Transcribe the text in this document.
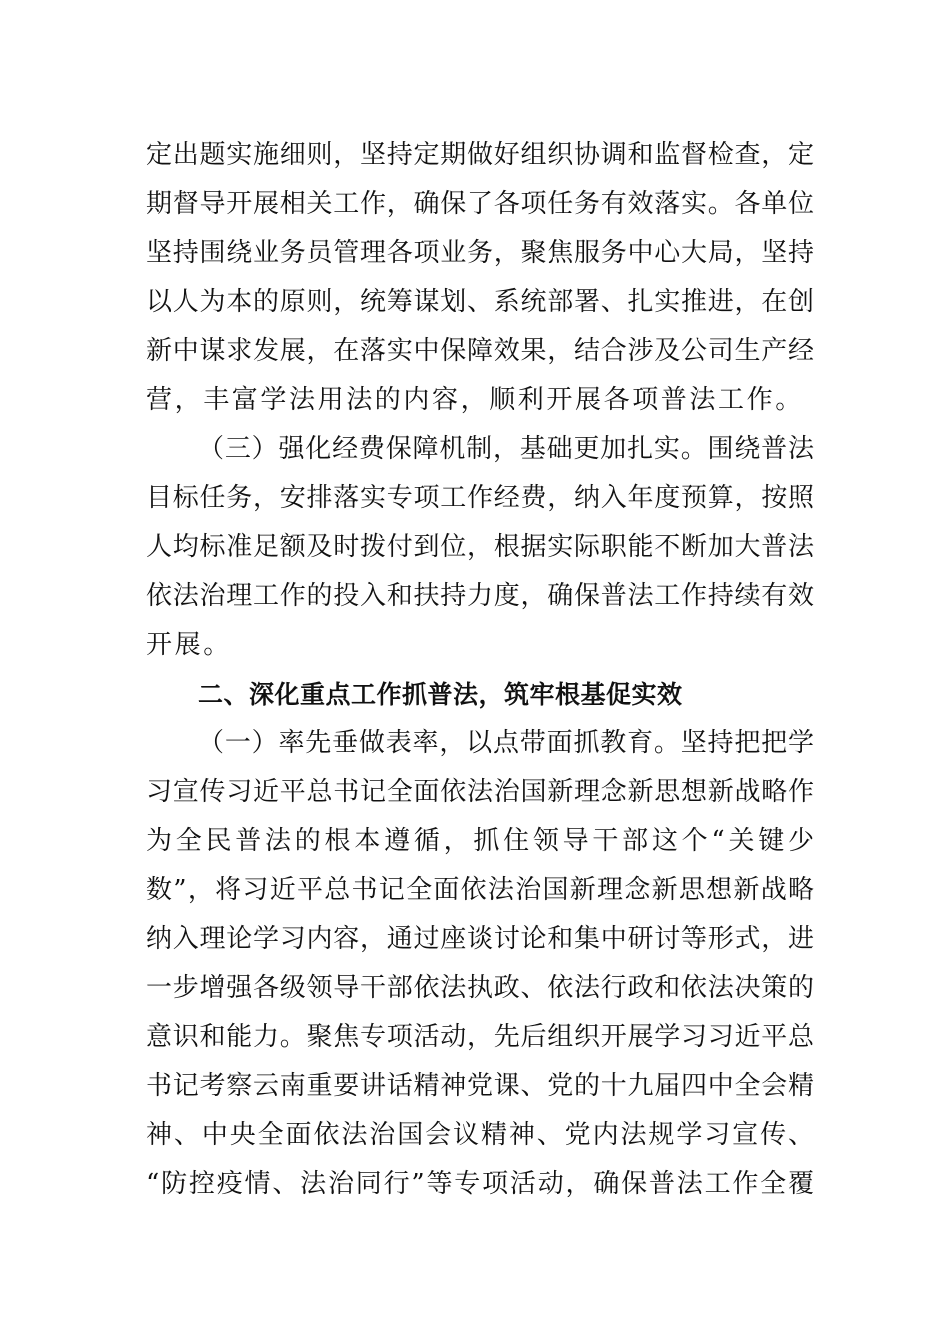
定出题实施细则，坚持定期做好组织协调和监督检查，定
期督导开展相关工作，确保了各项任务有效落实。各单位
坚持围绕业务员管理各项业务，聚焦服务中心大局，坚持
以人为本的原则，统筹谋划、系统部署、扎实推进，在创
新中谋求发展，在落实中保障效果，结合涉及公司生产经
营，丰富学法用法的内容，顺利开展各项普法工作。
（三）强化经费保障机制，基础更加扎实。围绕普法
目标任务，安排落实专项工作经费，纳入年度预算，按照
人均标准足额及时拨付到位，根据实际职能不断加大普法
依法治理工作的投入和扶持力度，确保普法工作持续有效
开展。
二、深化重点工作抓普法，筑牢根基促实效
（一）率先垂做表率，以点带面抓教育。坚持把把学
习宣传习近平总书记全面依法治国新理念新思想新战略作
为全民普法的根本遵循，抓住领导干部这个“关键少
数”，将习近平总书记全面依法治国新理念新思想新战略
纳入理论学习内容，通过座谈讨论和集中研讨等形式，进
一步增强各级领导干部依法执政、依法行政和依法决策的
意识和能力。聚焦专项活动，先后组织开展学习习近平总
书记考察云南重要讲话精神党课、党的十九届四中全会精
神、中央全面依法治国会议精神、党内法规学习宣传、
“防控疫情、法治同行”等专项活动，确保普法工作全覆
